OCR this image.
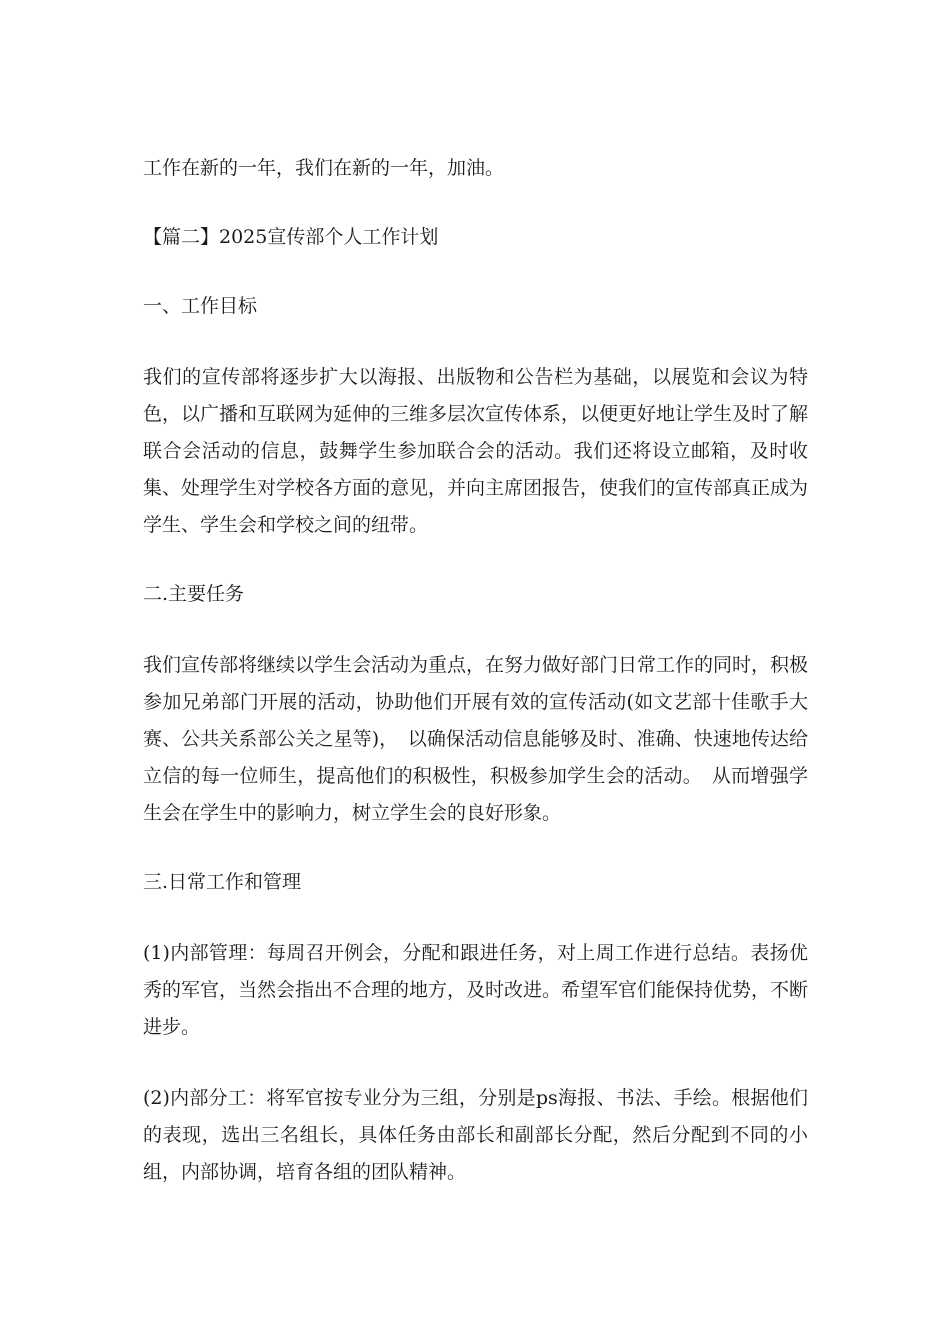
工作在新的一年，我们在新的一年，加油。

【篇二】2025宣传部个人工作计划

一、工作目标

我们的宣传部将逐步扩大以海报、出版物和公告栏为基础，以展览和会议为特色，以广播和互联网为延伸的三维多层次宣传体系，以便更好地让学生及时了解联合会活动的信息，鼓舞学生参加联合会的活动。我们还将设立邮箱，及时收集、处理学生对学校各方面的意见，并向主席团报告，使我们的宣传部真正成为学生、学生会和学校之间的纽带。

二.主要任务

我们宣传部将继续以学生会活动为重点，在努力做好部门日常工作的同时，积极参加兄弟部门开展的活动，协助他们开展有效的宣传活动(如文艺部十佳歌手大赛、公共关系部公关之星等)，　以确保活动信息能够及时、准确、快速地传达给立信的每一位师生，提高他们的积极性，积极参加学生会的活动。　从而增强学生会在学生中的影响力，树立学生会的良好形象。

三.日常工作和管理

(1)内部管理：每周召开例会，分配和跟进任务，对上周工作进行总结。表扬优秀的军官，当然会指出不合理的地方，及时改进。希望军官们能保持优势，不断进步。

(2)内部分工：将军官按专业分为三组，分别是ps海报、书法、手绘。根据他们的表现，选出三名组长，具体任务由部长和副部长分配，然后分配到不同的小组，内部协调，培育各组的团队精神。
